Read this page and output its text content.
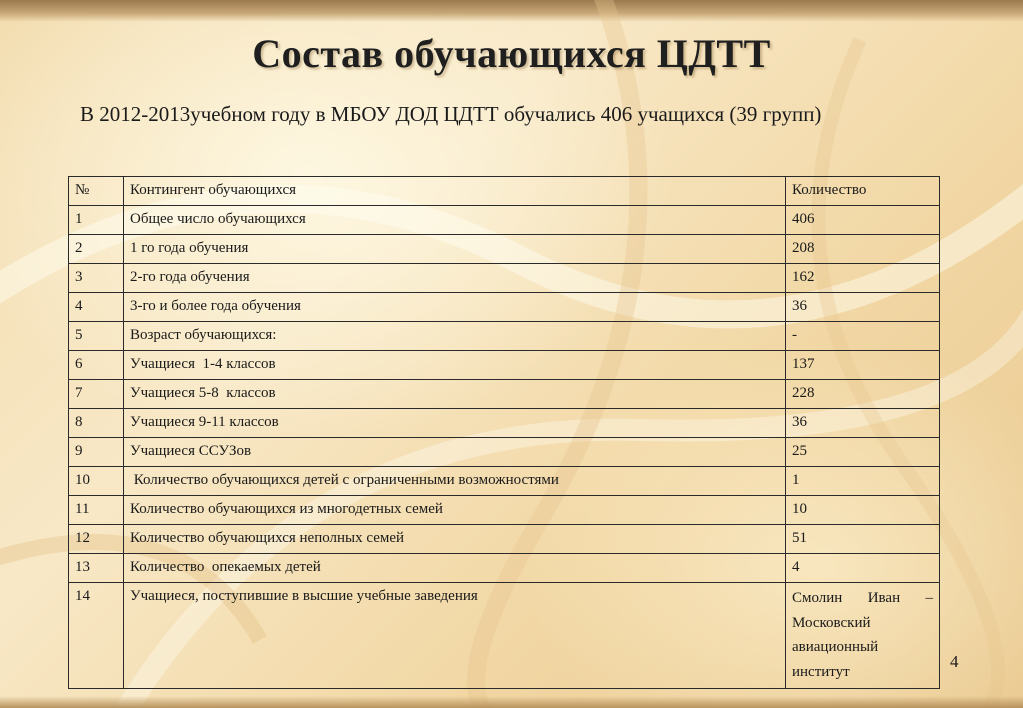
Состав обучающихся ЦДТТ
В 2012-2013учебном году в МБОУ ДОД ЦДТТ обучались 406 учащихся (39 групп)
№	Контингент обучающихся	Количество
1	Общее число обучающихся	406
2	1 го года обучения	208
3	2-го года обучения	162
4	3-го и более года обучения	36
5	Возраст обучающихся:	-
6	Учащиеся  1-4 классов	137
7	Учащиеся 5-8  классов	228
8	Учащиеся 9-11 классов	36
9	Учащиеся ССУЗов	25
10	Количество обучающихся детей с ограниченными возможностями	1
11	Количество обучающихся из многодетных семей	10
12	Количество обучающихся неполных семей	51
13	Количество  опекаемых детей	4
14	Учащиеся, поступившие в высшие учебные заведения	Смолин Иван – Московский авиационный институт
4
